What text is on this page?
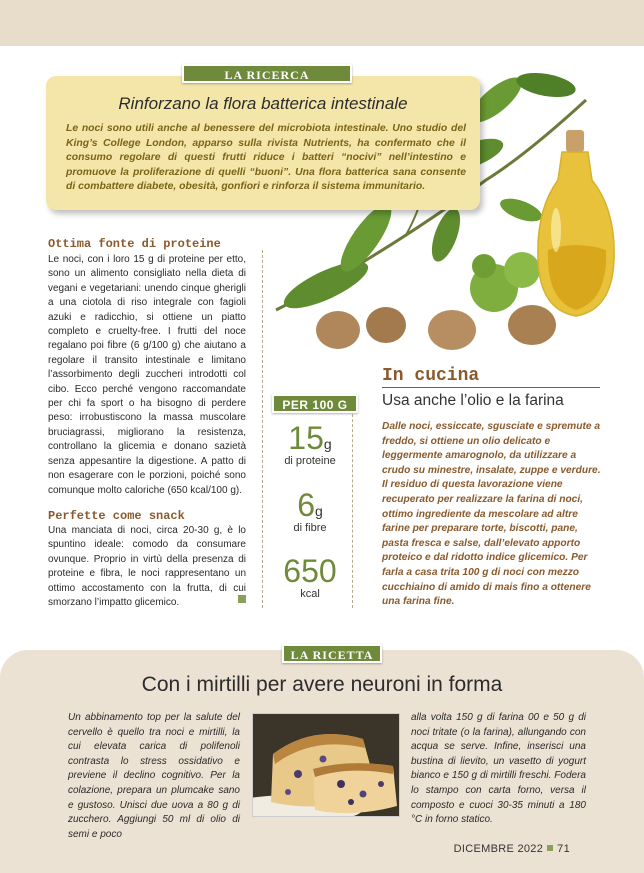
LA RICERCA
Rinforzano la flora batterica intestinale
Le noci sono utili anche al benessere del microbiota intestinale. Uno studio del King’s College London, apparso sulla rivista Nutrients, ha confermato che il consumo regolare di questi frutti riduce i batteri “nocivi” nell’intestino e promuove la proliferazione di quelli “buoni”. Una flora batterica sana consente di combattere diabete, obesità, gonfiori e rinforza il sistema immunitario.
Ottima fonte di proteine
Le noci, con i loro 15 g di proteine per etto, sono un alimento consigliato nella dieta di vegani e vegetariani: unendo cinque gherigli a una ciotola di riso integrale con fagioli azuki e radicchio, si ottiene un piatto completo e cruelty-free. I frutti del noce regalano poi fibre (6 g/100 g) che aiutano a regolare il transito intestinale e limitano l’assorbimento degli zuccheri introdotti col cibo. Ecco perché vengono raccomandate per chi fa sport o ha bisogno di perdere peso: irrobustiscono la massa muscolare bruciagrassi, migliorano la resistenza, controllano la glicemia e donano sazietà senza appesantire la digestione. A patto di non esagerare con le porzioni, poiché sono comunque molto caloriche (650 kcal/100 g).
Perfette come snack
Una manciata di noci, circa 20-30 g, è lo spuntino ideale: comodo da consumare ovunque. Proprio in virtù della presenza di proteine e fibra, le noci rappresentano un ottimo accostamento con la frutta, di cui smorzano l’impatto glicemico.
PER 100 G
15g
di proteine
6g
di fibre
650
kcal
In cucina
Usa anche l’olio e la farina
Dalle noci, essiccate, sgusciate e spremute a freddo, si ottiene un olio delicato e leggermente amarognolo, da utilizzare a crudo su minestre, insalate, zuppe e verdure. Il residuo di questa lavorazione viene recuperato per realizzare la farina di noci, ottimo ingrediente da mescolare ad altre farine per preparare torte, biscotti, pane, pasta fresca e salse, dall’elevato apporto proteico e dal ridotto indice glicemico. Per farla a casa trita 100 g di noci con mezzo cucchiaino di amido di mais fino a ottenere una farina fine.
LA RICETTA
Con i mirtilli per avere neuroni in forma
Un abbinamento top per la salute del cervello è quello tra noci e mirtilli, la cui elevata carica di polifenoli contrasta lo stress ossidativo e previene il declino cognitivo. Per la colazione, prepara un plumcake sano e gustoso. Unisci due uova a 80 g di zucchero. Aggiungi 50 ml di olio di semi e poco
alla volta 150 g di farina 00 e 50 g di noci tritate (o la farina), allungando con acqua se serve. Infine, inserisci una bustina di lievito, un vasetto di yogurt bianco e 150 g di mirtilli freschi. Fodera lo stampo con carta forno, versa il composto e cuoci 30-35 minuti a 180 °C in forno statico.
DICEMBRE 2022 71
